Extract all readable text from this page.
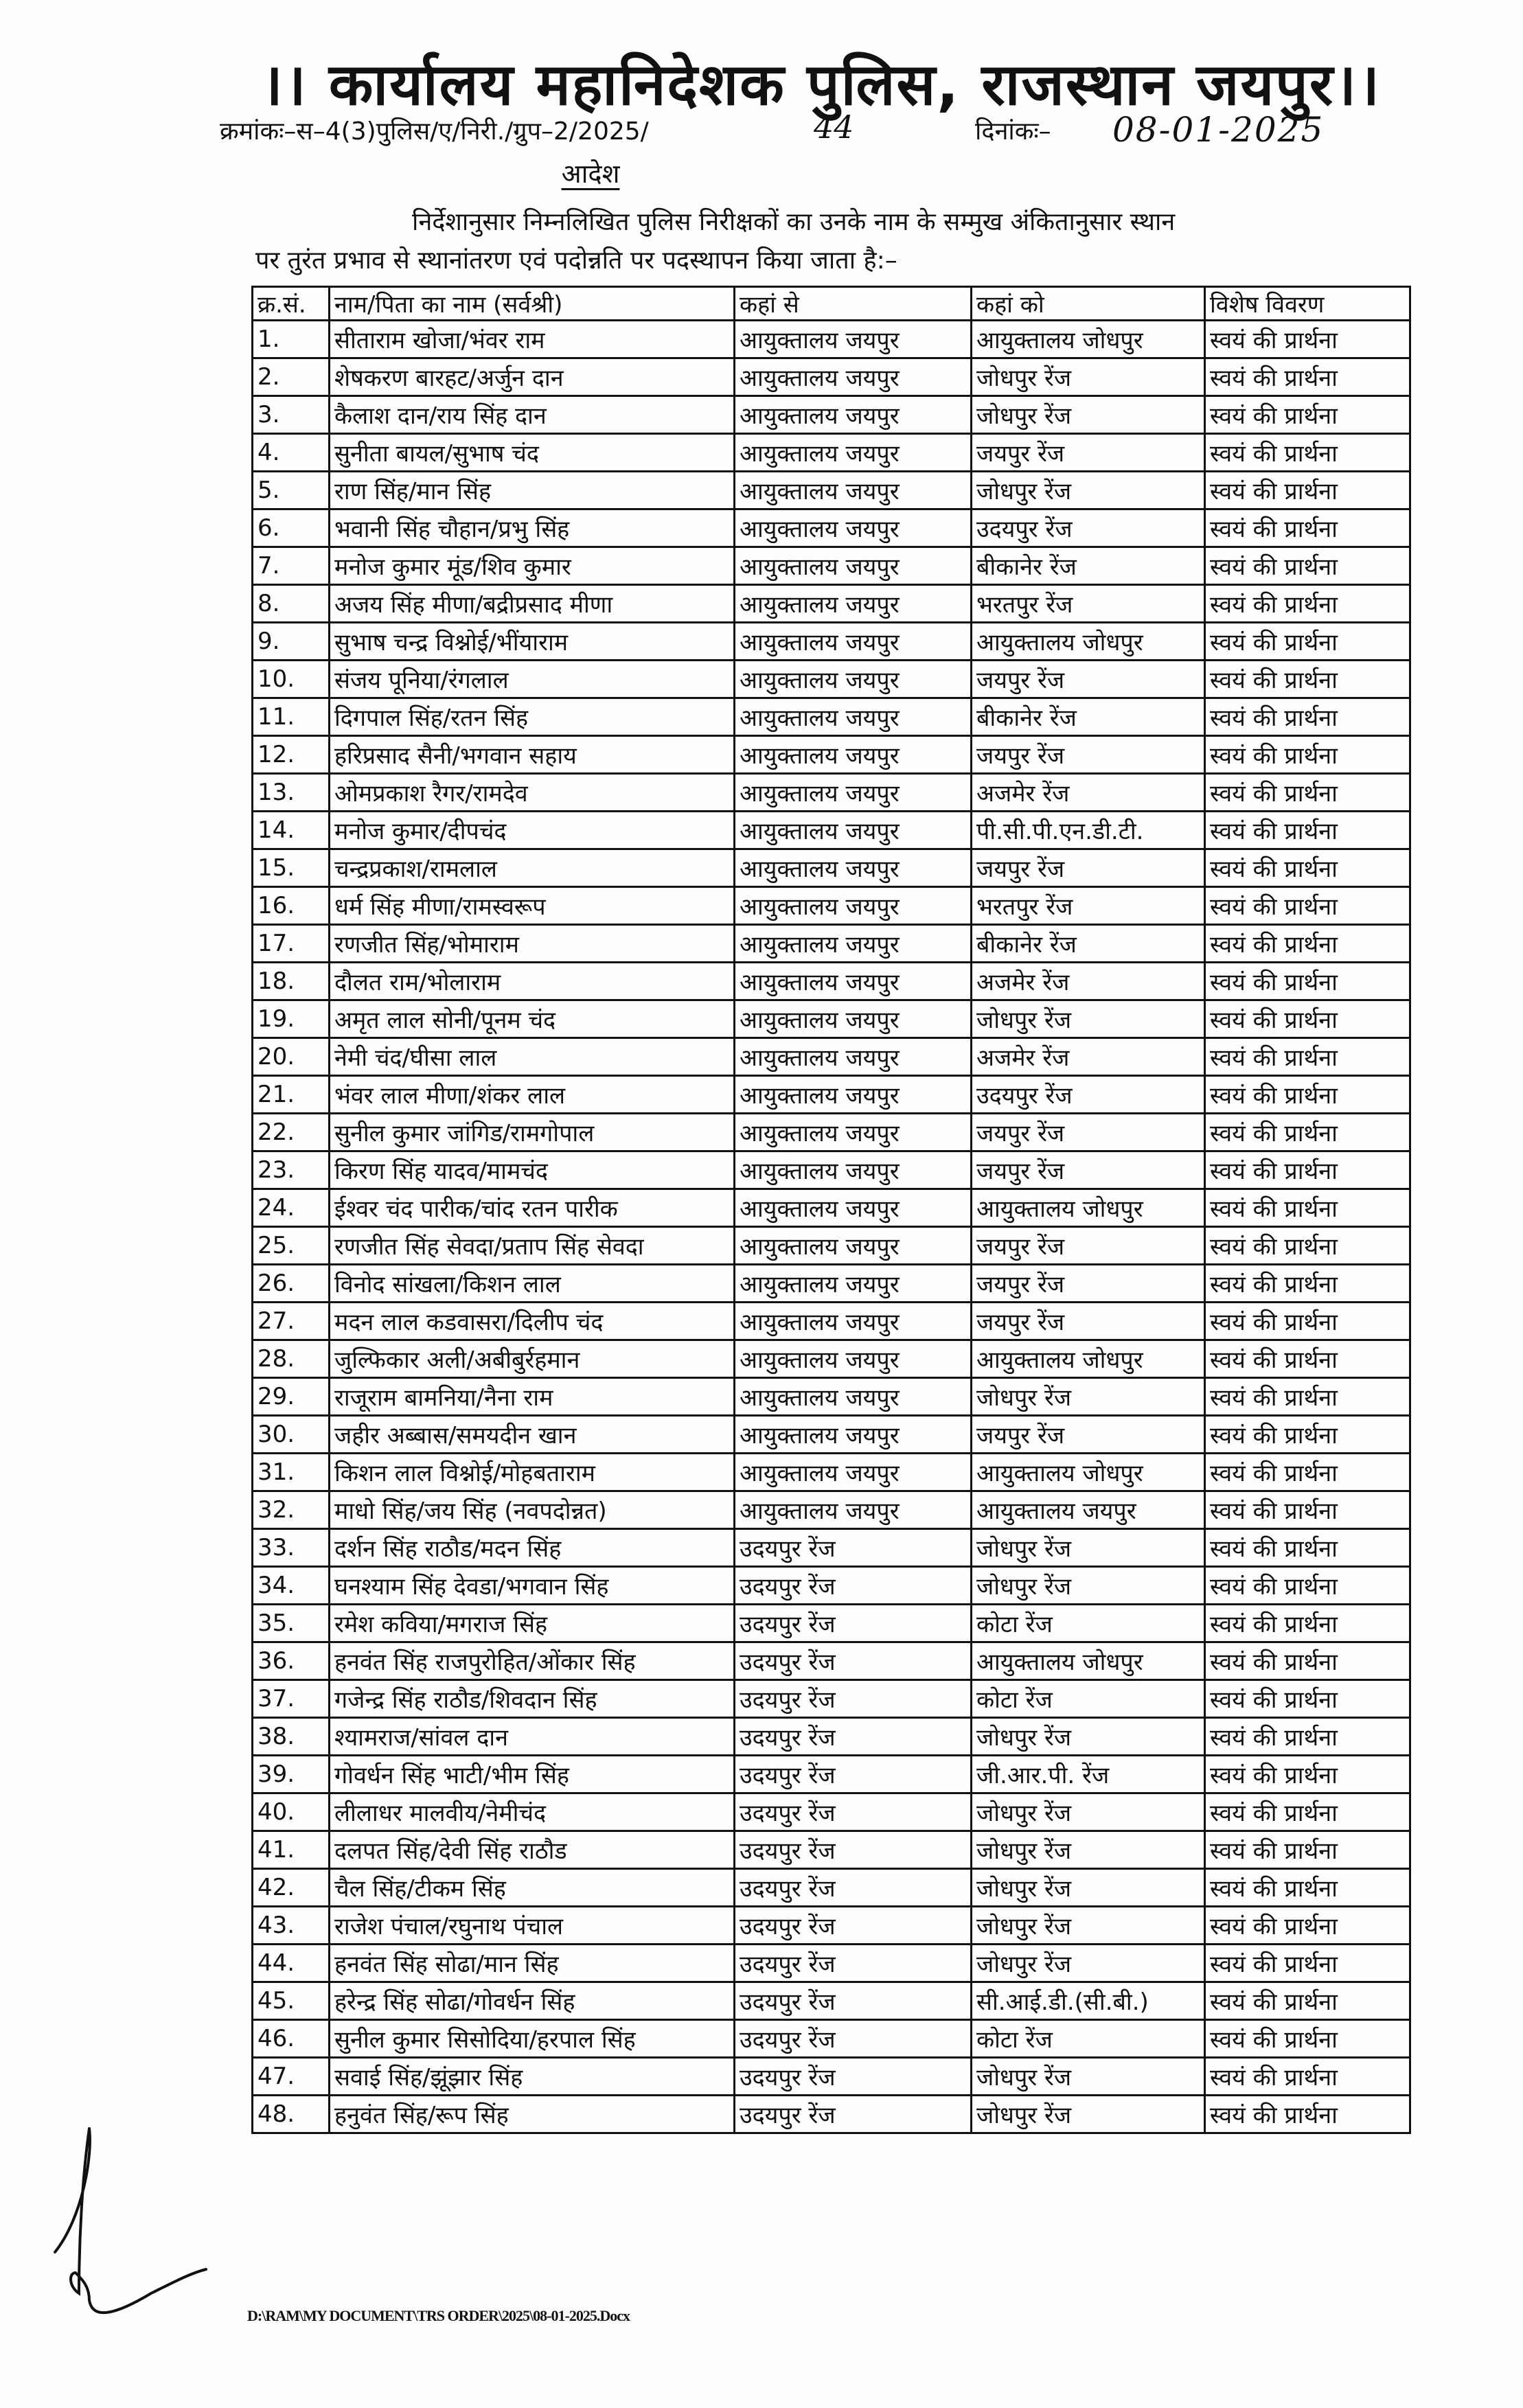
।। कार्यालय महानिदेशक पुलिस, राजस्थान जयपुर।।
क्रमांकः–स–4(3)पुलिस/ए/निरी./ग्रुप–2/2025/	44	दिनांकः– 08-01-2025
आदेश
निर्देशानुसार निम्नलिखित पुलिस निरीक्षकों का उनके नाम के सम्मुख अंकितानुसार स्थान
पर तुरंत प्रभाव से स्थानांतरण एवं पदोन्नति पर पदस्थापन किया जाता है:–
क्र.सं.	नाम/पिता का नाम (सर्वश्री)	कहां से	कहां को	विशेष विवरण
1.	सीताराम खोजा/भंवर राम	आयुक्तालय जयपुर	आयुक्तालय जोधपुर	स्वयं की प्रार्थना
2.	शेषकरण बारहट/अर्जुन दान	आयुक्तालय जयपुर	जोधपुर रेंज	स्वयं की प्रार्थना
3.	कैलाश दान/राय सिंह दान	आयुक्तालय जयपुर	जोधपुर रेंज	स्वयं की प्रार्थना
4.	सुनीता बायल/सुभाष चंद	आयुक्तालय जयपुर	जयपुर रेंज	स्वयं की प्रार्थना
5.	राण सिंह/मान सिंह	आयुक्तालय जयपुर	जोधपुर रेंज	स्वयं की प्रार्थना
6.	भवानी सिंह चौहान/प्रभु सिंह	आयुक्तालय जयपुर	उदयपुर रेंज	स्वयं की प्रार्थना
7.	मनोज कुमार मूंड/शिव कुमार	आयुक्तालय जयपुर	बीकानेर रेंज	स्वयं की प्रार्थना
8.	अजय सिंह मीणा/बद्रीप्रसाद मीणा	आयुक्तालय जयपुर	भरतपुर रेंज	स्वयं की प्रार्थना
9.	सुभाष चन्द्र विश्नोई/भींयाराम	आयुक्तालय जयपुर	आयुक्तालय जोधपुर	स्वयं की प्रार्थना
10.	संजय पूनिया/रंगलाल	आयुक्तालय जयपुर	जयपुर रेंज	स्वयं की प्रार्थना
11.	दिगपाल सिंह/रतन सिंह	आयुक्तालय जयपुर	बीकानेर रेंज	स्वयं की प्रार्थना
12.	हरिप्रसाद सैनी/भगवान सहाय	आयुक्तालय जयपुर	जयपुर रेंज	स्वयं की प्रार्थना
13.	ओमप्रकाश रैगर/रामदेव	आयुक्तालय जयपुर	अजमेर रेंज	स्वयं की प्रार्थना
14.	मनोज कुमार/दीपचंद	आयुक्तालय जयपुर	पी.सी.पी.एन.डी.टी.	स्वयं की प्रार्थना
15.	चन्द्रप्रकाश/रामलाल	आयुक्तालय जयपुर	जयपुर रेंज	स्वयं की प्रार्थना
16.	धर्म सिंह मीणा/रामस्वरूप	आयुक्तालय जयपुर	भरतपुर रेंज	स्वयं की प्रार्थना
17.	रणजीत सिंह/भोमाराम	आयुक्तालय जयपुर	बीकानेर रेंज	स्वयं की प्रार्थना
18.	दौलत राम/भोलाराम	आयुक्तालय जयपुर	अजमेर रेंज	स्वयं की प्रार्थना
19.	अमृत लाल सोनी/पूनम चंद	आयुक्तालय जयपुर	जोधपुर रेंज	स्वयं की प्रार्थना
20.	नेमी चंद/घीसा लाल	आयुक्तालय जयपुर	अजमेर रेंज	स्वयं की प्रार्थना
21.	भंवर लाल मीणा/शंकर लाल	आयुक्तालय जयपुर	उदयपुर रेंज	स्वयं की प्रार्थना
22.	सुनील कुमार जांगिड/रामगोपाल	आयुक्तालय जयपुर	जयपुर रेंज	स्वयं की प्रार्थना
23.	किरण सिंह यादव/मामचंद	आयुक्तालय जयपुर	जयपुर रेंज	स्वयं की प्रार्थना
24.	ईश्वर चंद पारीक/चांद रतन पारीक	आयुक्तालय जयपुर	आयुक्तालय जोधपुर	स्वयं की प्रार्थना
25.	रणजीत सिंह सेवदा/प्रताप सिंह सेवदा	आयुक्तालय जयपुर	जयपुर रेंज	स्वयं की प्रार्थना
26.	विनोद सांखला/किशन लाल	आयुक्तालय जयपुर	जयपुर रेंज	स्वयं की प्रार्थना
27.	मदन लाल कडवासरा/दिलीप चंद	आयुक्तालय जयपुर	जयपुर रेंज	स्वयं की प्रार्थना
28.	जुल्फिकार अली/अबीबुर्रहमान	आयुक्तालय जयपुर	आयुक्तालय जोधपुर	स्वयं की प्रार्थना
29.	राजूराम बामनिया/नैना राम	आयुक्तालय जयपुर	जोधपुर रेंज	स्वयं की प्रार्थना
30.	जहीर अब्बास/समयदीन खान	आयुक्तालय जयपुर	जयपुर रेंज	स्वयं की प्रार्थना
31.	किशन लाल विश्नोई/मोहबताराम	आयुक्तालय जयपुर	आयुक्तालय जोधपुर	स्वयं की प्रार्थना
32.	माधो सिंह/जय सिंह (नवपदोन्नत)	आयुक्तालय जयपुर	आयुक्तालय जयपुर	स्वयं की प्रार्थना
33.	दर्शन सिंह राठौड/मदन सिंह	उदयपुर रेंज	जोधपुर रेंज	स्वयं की प्रार्थना
34.	घनश्याम सिंह देवडा/भगवान सिंह	उदयपुर रेंज	जोधपुर रेंज	स्वयं की प्रार्थना
35.	रमेश कविया/मगराज सिंह	उदयपुर रेंज	कोटा रेंज	स्वयं की प्रार्थना
36.	हनवंत सिंह राजपुरोहित/ओंकार सिंह	उदयपुर रेंज	आयुक्तालय जोधपुर	स्वयं की प्रार्थना
37.	गजेन्द्र सिंह राठौड/शिवदान सिंह	उदयपुर रेंज	कोटा रेंज	स्वयं की प्रार्थना
38.	श्यामराज/सांवल दान	उदयपुर रेंज	जोधपुर रेंज	स्वयं की प्रार्थना
39.	गोवर्धन सिंह भाटी/भीम सिंह	उदयपुर रेंज	जी.आर.पी. रेंज	स्वयं की प्रार्थना
40.	लीलाधर मालवीय/नेमीचंद	उदयपुर रेंज	जोधपुर रेंज	स्वयं की प्रार्थना
41.	दलपत सिंह/देवी सिंह राठौड	उदयपुर रेंज	जोधपुर रेंज	स्वयं की प्रार्थना
42.	चैल सिंह/टीकम सिंह	उदयपुर रेंज	जोधपुर रेंज	स्वयं की प्रार्थना
43.	राजेश पंचाल/रघुनाथ पंचाल	उदयपुर रेंज	जोधपुर रेंज	स्वयं की प्रार्थना
44.	हनवंत सिंह सोढा/मान सिंह	उदयपुर रेंज	जोधपुर रेंज	स्वयं की प्रार्थना
45.	हरेन्द्र सिंह सोढा/गोवर्धन सिंह	उदयपुर रेंज	सी.आई.डी.(सी.बी.)	स्वयं की प्रार्थना
46.	सुनील कुमार सिसोदिया/हरपाल सिंह	उदयपुर रेंज	कोटा रेंज	स्वयं की प्रार्थना
47.	सवाई सिंह/झूंझार सिंह	उदयपुर रेंज	जोधपुर रेंज	स्वयं की प्रार्थना
48.	हनुवंत सिंह/रूप सिंह	उदयपुर रेंज	जोधपुर रेंज	स्वयं की प्रार्थना
D:\RAM\MY DOCUMENT\TRS ORDER\2025\08-01-2025.Docx
